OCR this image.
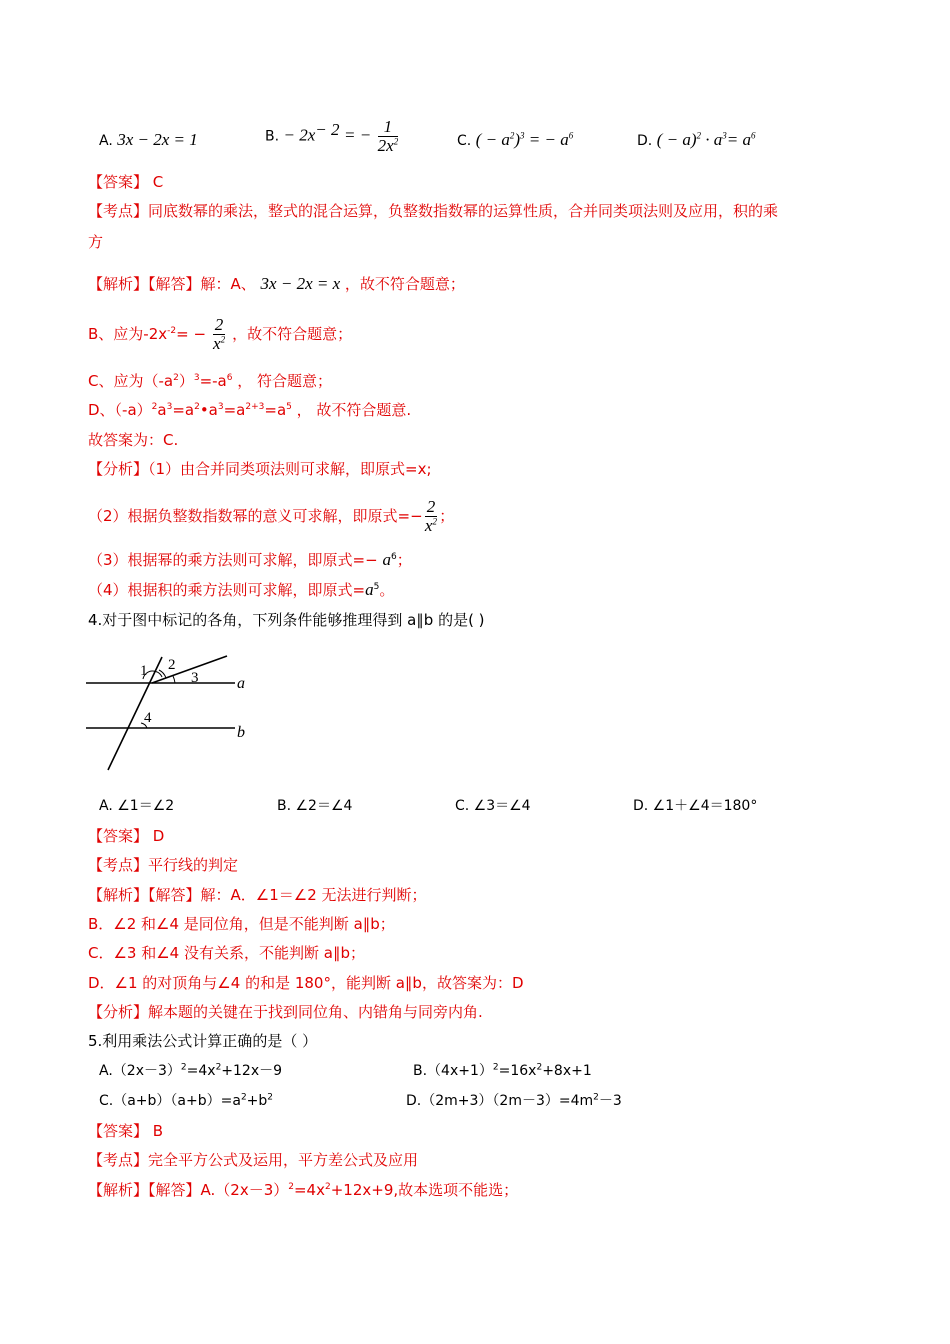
A. 3x − 2x = 1	B. − $2x^{- 2}$ = − $\frac{1}{2x^2}$	C. ( − $a^2)^3$ = − $a^6$	D. ( − $a)^2 \cdot a^3= a^6$
【答案】 C
【考点】同底数幂的乘法，整式的混合运算，负整数指数幂的运算性质，合并同类项法则及应用，积的乘
方
【解析】【解答】解：A、 3x − 2x = x ，故不符合题意；
B、应为$-2x^{-2}= - \frac{2}{x^2}$ ，故不符合题意；
C、应为$(-a^2)^3=-a^6$ ， 符合题意；
D、$(-a)^2a^3=a^2•a^3=a^{2+3}=a^5$ ， 故不符合题意.
故答案为：C.
【分析】（1）由合并同类项法则可求解，即原式=x;
（2）根据负整数指数幂的意义可求解，即原式=− $\frac{2}{x^2}$ ；
（3）根据幂的乘方法则可求解，即原式=− $a^6$；
（4）根据积的乘方法则可求解，即原式$=a^5$。
4.对于图中标记的各角，下列条件能够推理得到 a∥b 的是( )
1 2
3
4
a
b
A. ∠1＝∠2	B. ∠2＝∠4	C. ∠3＝∠4	D. ∠1＋∠4＝180°
【答案】 D
【考点】平行线的判定
【解析】【解答】解：A．∠1＝∠2 无法进行判断；
B．∠2 和∠4 是同位角，但是不能判断 a∥b；
C．∠3 和∠4 没有关系，不能判断 a∥b；
D．∠1 的对顶角与∠4 的和是 180°，能判断 a∥b，故答案为：D
【分析】解本题的关键在于找到同位角、内错角与同旁内角.
5.利用乘法公式计算正确的是（ ）
$A.(2x-3)^2=4x^2+12x-9$	$B.(4x+1)^2=16x^2+8x+1$
$C.(a+b)(a+b)=a^2+b^2$	$D.(2m+3)(2m-3)=4m^2-3$
【答案】 B
【考点】完全平方公式及运用，平方差公式及应用
【解析】【解答】$A.(2x-3)^2=4x^2+12x+9$,故本选项不能选；
